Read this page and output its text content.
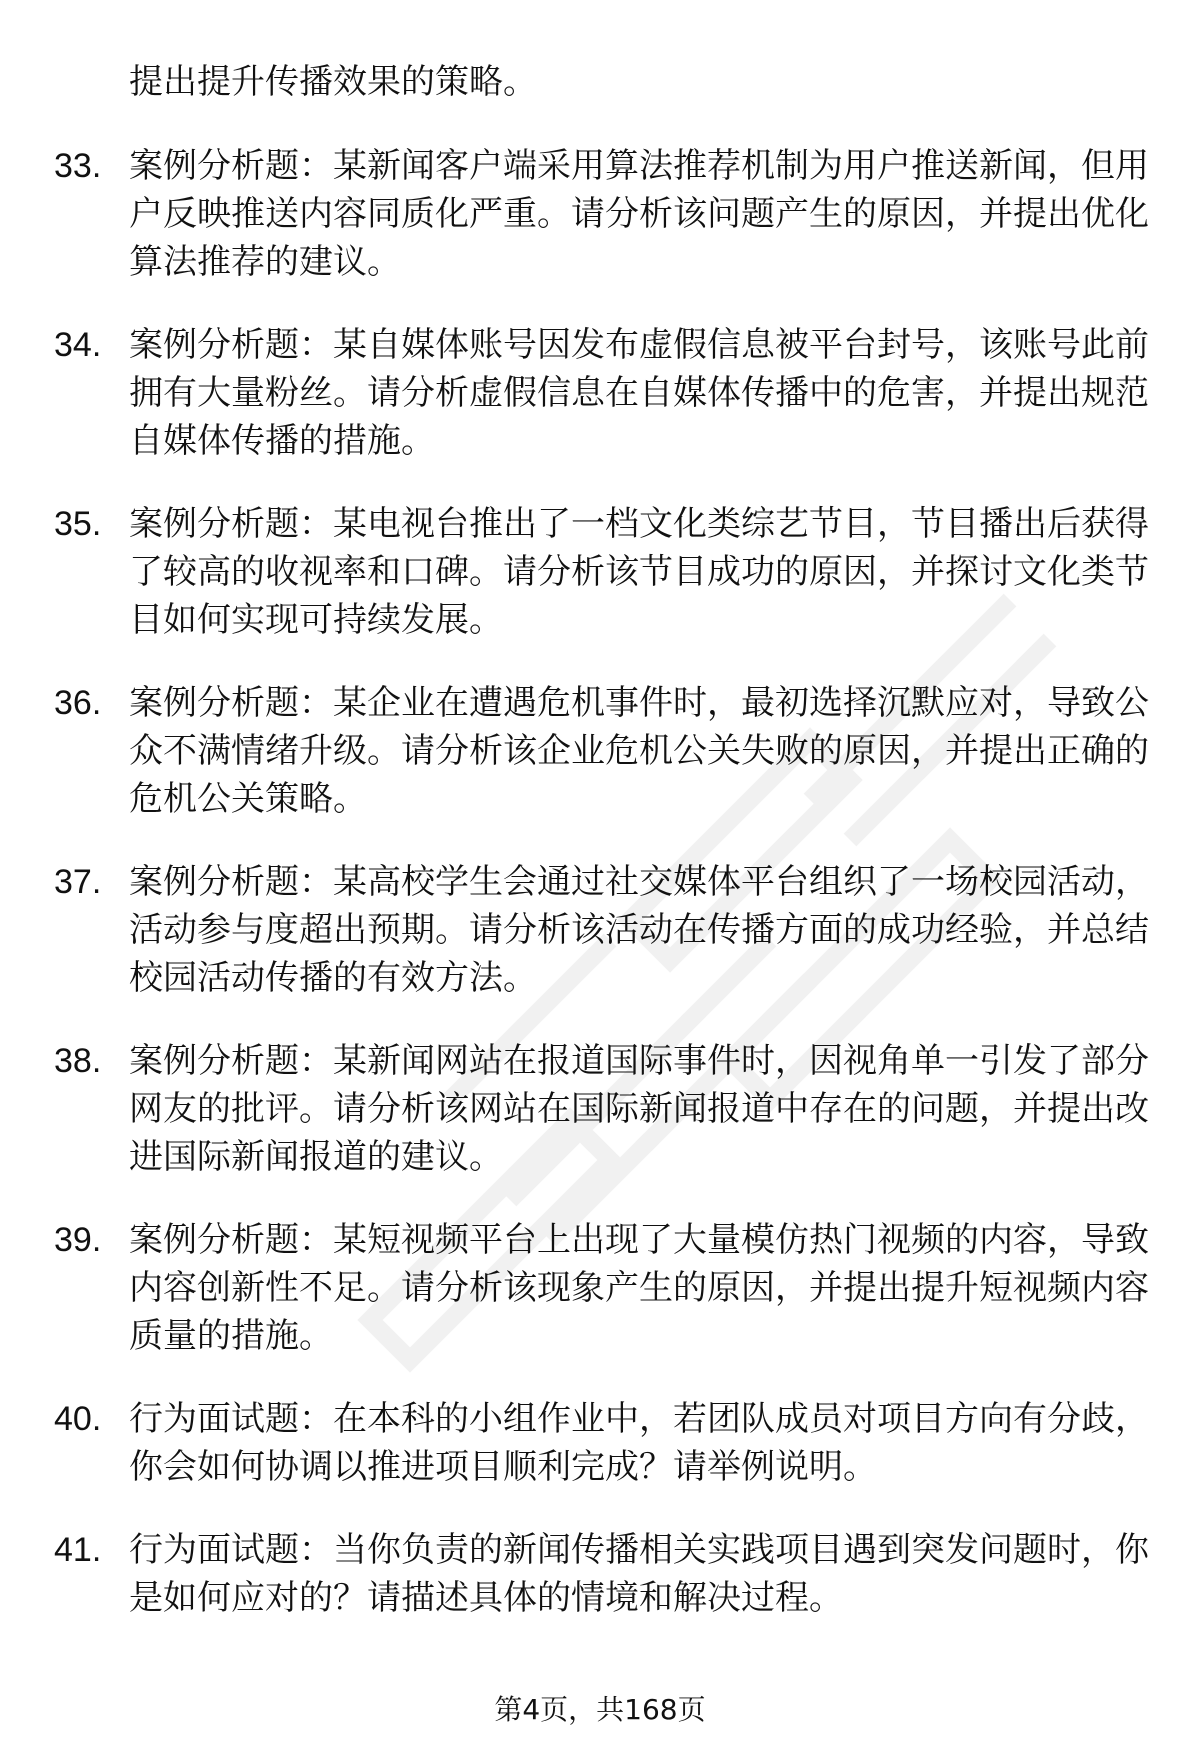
提出提升传播效果的策略。
33. 案例分析题：某新闻客户端采用算法推荐机制为用户推送新闻，但用户反映推送内容同质化严重。请分析该问题产生的原因，并提出优化算法推荐的建议。
34. 案例分析题：某自媒体账号因发布虚假信息被平台封号，该账号此前拥有大量粉丝。请分析虚假信息在自媒体传播中的危害，并提出规范自媒体传播的措施。
35. 案例分析题：某电视台推出了一档文化类综艺节目，节目播出后获得了较高的收视率和口碑。请分析该节目成功的原因，并探讨文化类节目如何实现可持续发展。
36. 案例分析题：某企业在遭遇危机事件时，最初选择沉默应对，导致公众不满情绪升级。请分析该企业危机公关失败的原因，并提出正确的危机公关策略。
37. 案例分析题：某高校学生会通过社交媒体平台组织了一场校园活动，活动参与度超出预期。请分析该活动在传播方面的成功经验，并总结校园活动传播的有效方法。
38. 案例分析题：某新闻网站在报道国际事件时，因视角单一引发了部分网友的批评。请分析该网站在国际新闻报道中存在的问题，并提出改进国际新闻报道的建议。
39. 案例分析题：某短视频平台上出现了大量模仿热门视频的内容，导致内容创新性不足。请分析该现象产生的原因，并提出提升短视频内容质量的措施。
40. 行为面试题：在本科的小组作业中，若团队成员对项目方向有分歧，你会如何协调以推进项目顺利完成？请举例说明。
41. 行为面试题：当你负责的新闻传播相关实践项目遇到突发问题时，你是如何应对的？请描述具体的情境和解决过程。
第4页，共168页
